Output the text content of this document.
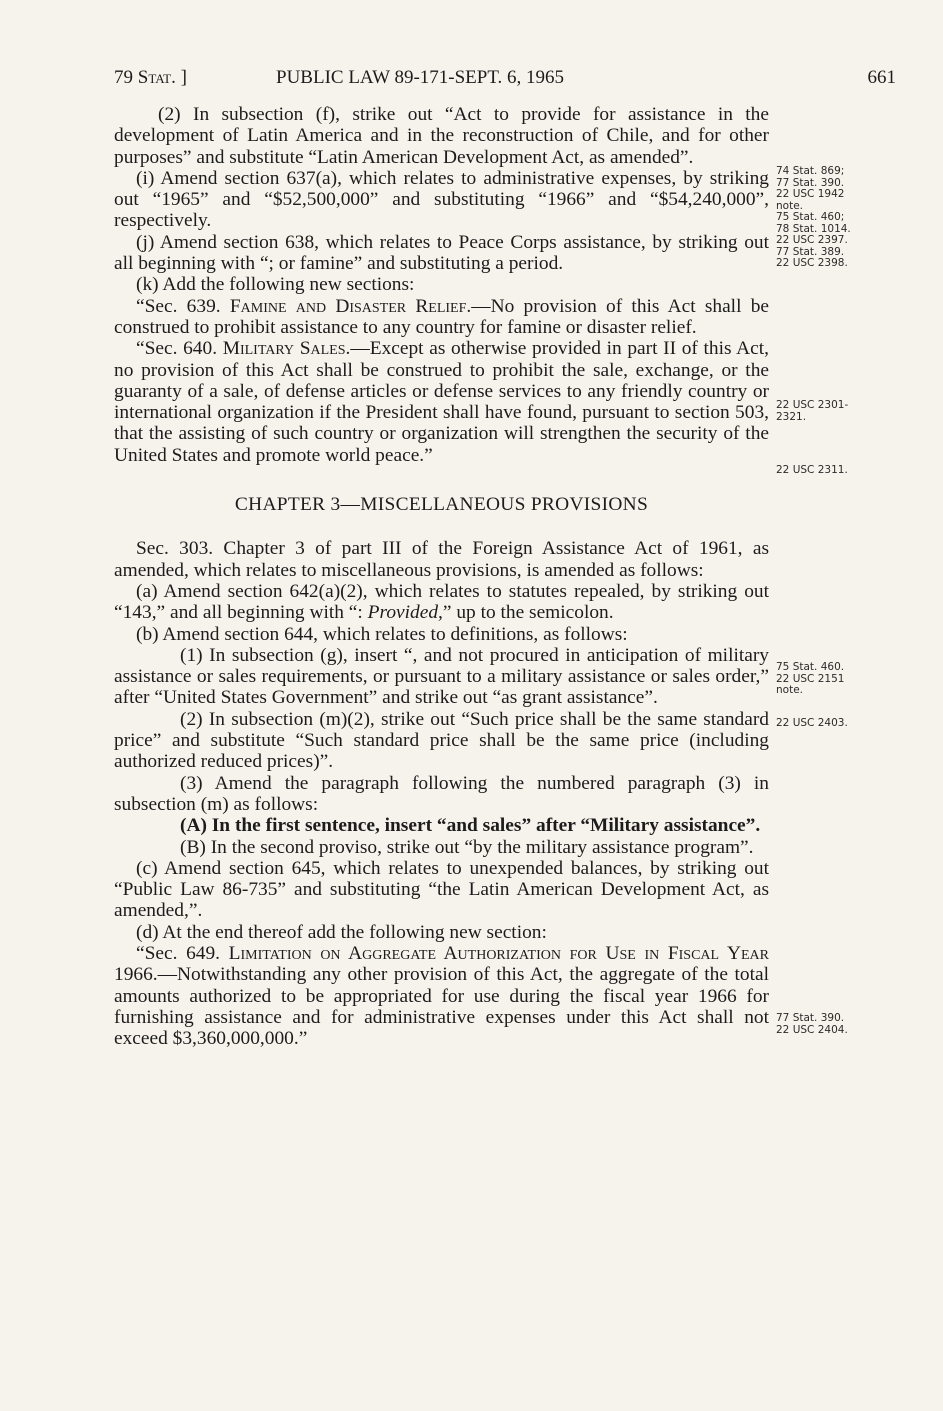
79 Stat. ]	PUBLIC LAW 89-171-SEPT. 6, 1965	661

(2) In subsection (f), strike out “Act to provide for assistance in the development of Latin America and in the reconstruction of Chile, and for other purposes” and substitute “Latin American Development Act, as amended”.

(i) Amend section 637(a), which relates to administrative expenses, by striking out “1965” and “$52,500,000” and substituting “1966” and “$54,240,000”, respectively.

(j) Amend section 638, which relates to Peace Corps assistance, by striking out all beginning with “; or famine” and substituting a period.

(k) Add the following new sections:

“Sec. 639. Famine and Disaster Relief.—No provision of this Act shall be construed to prohibit assistance to any country for famine or disaster relief.

“Sec. 640. Military Sales.—Except as otherwise provided in part II of this Act, no provision of this Act shall be construed to prohibit the sale, exchange, or the guaranty of a sale, of defense articles or defense services to any friendly country or international organization if the President shall have found, pursuant to section 503, that the assisting of such country or organization will strengthen the security of the United States and promote world peace.”

CHAPTER 3—MISCELLANEOUS PROVISIONS

Sec. 303. Chapter 3 of part III of the Foreign Assistance Act of 1961, as amended, which relates to miscellaneous provisions, is amended as follows:

(a) Amend section 642(a)(2), which relates to statutes repealed, by striking out “143,” and all beginning with “: Provided,” up to the semicolon.

(b) Amend section 644, which relates to definitions, as follows:

(1) In subsection (g), insert “, and not procured in anticipation of military assistance or sales requirements, or pursuant to a military assistance or sales order,” after “United States Government” and strike out “as grant assistance”.

(2) In subsection (m)(2), strike out “Such price shall be the same standard price” and substitute “Such standard price shall be the same price (including authorized reduced prices)”.

(3) Amend the paragraph following the numbered paragraph (3) in subsection (m) as follows:

(A) In the first sentence, insert “and sales” after “Military assistance”.

(B) In the second proviso, strike out “by the military assistance program”.

(c) Amend section 645, which relates to unexpended balances, by striking out “Public Law 86-735” and substituting “the Latin American Development Act, as amended,”.

(d) At the end thereof add the following new section:

“Sec. 649. Limitation on Aggregate Authorization for Use in Fiscal Year 1966.—Notwithstanding any other provision of this Act, the aggregate of the total amounts authorized to be appropriated for use during the fiscal year 1966 for furnishing assistance and for administrative expenses under this Act shall not exceed $3,360,000,000.”

74 Stat. 869;
77 Stat. 390.
22 USC 1942
note.
75 Stat. 460;
78 Stat. 1014.
22 USC 2397.
77 Stat. 389.
22 USC 2398.
22 USC 2301-
2321.
22 USC 2311.
75 Stat. 460.
22 USC 2151
note.
22 USC 2403.
77 Stat. 390.
22 USC 2404.
